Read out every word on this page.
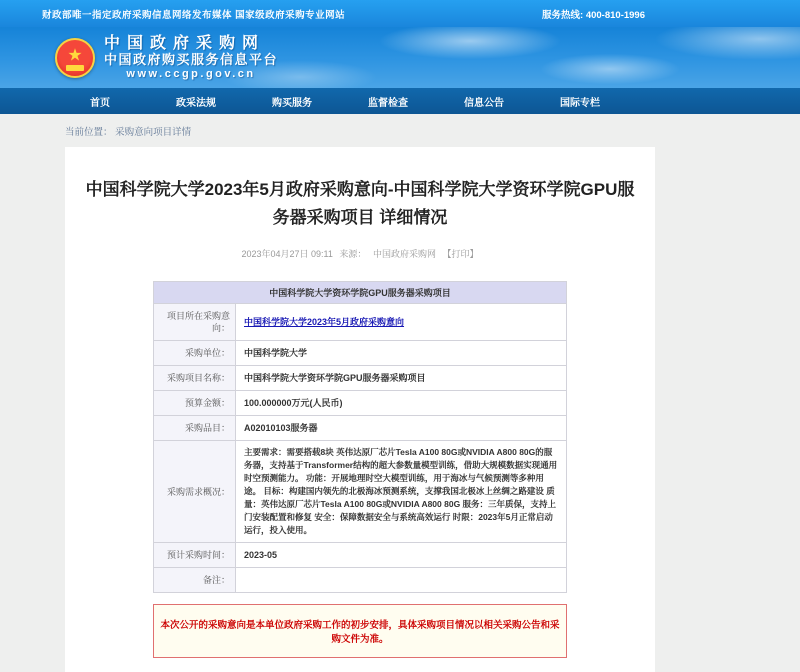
财政部唯一指定政府采购信息网络发布媒体 国家级政府采购专业网站	服务热线: 400-810-1996
★
中国政府采购网
中国政府购买服务信息平台
www.ccgp.gov.cn
首页	政采法规	购买服务	监督检查	信息公告	国际专栏
当前位置： 采购意向项目详情
中国科学院大学2023年5月政府采购意向-中国科学院大学资环学院GPU服务器采购项目 详细情况
2023年04月27日 09:11 来源： 中国政府采购网 【打印】
中国科学院大学资环学院GPU服务器采购项目	
项目所在采购意向：	中国科学院大学2023年5月政府采购意向
采购单位：	中国科学院大学
采购项目名称：	中国科学院大学资环学院GPU服务器采购项目
预算金额：	100.000000万元(人民币)
采购品目：	A02010103服务器
采购需求概况：	主要需求：需要搭载8块 英伟达原厂芯片Tesla A100 80G或NVIDIA A800 80G的服务器，支持基于Transformer结构的超大参数量模型训练，借助大规模数据实现通用时空预测能力。 功能：开展地理时空大模型训练，用于海冰与气候预测等多种用途。 目标：构建国内领先的北极海冰预测系统，支撑我国北极冰上丝绸之路建设 质量：英伟达原厂芯片Tesla A100 80G或NVIDIA A800 80G 服务：三年质保，支持上门安装配置和修复 安全：保障数据安全与系统高效运行 时限：2023年5月正常启动运行，投入使用。
预计采购时间：	2023-05
备注：	
本次公开的采购意向是本单位政府采购工作的初步安排，具体采购项目情况以相关采购公告和采购文件为准。
